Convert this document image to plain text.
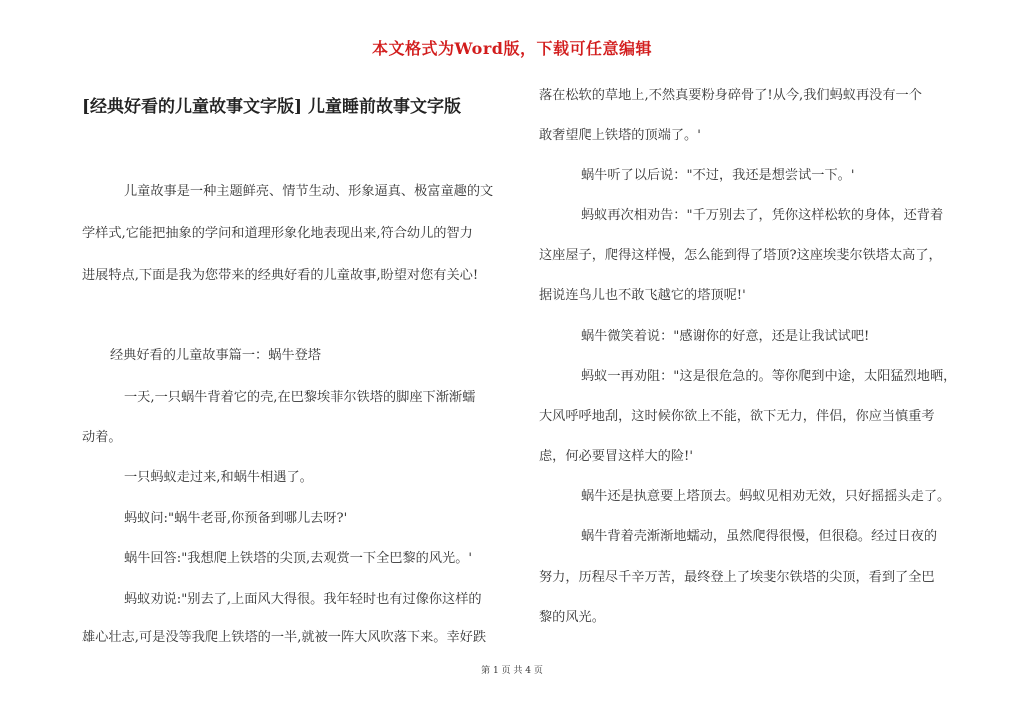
本文格式为Word版，下载可任意编辑
[经典好看的儿童故事文字版] 儿童睡前故事文字版
儿童故事是一种主题鲜亮、情节生动、形象逼真、极富童趣的文
学样式,它能把抽象的学问和道理形象化地表现出来,符合幼儿的智力
进展特点,下面是我为您带来的经典好看的儿童故事,盼望对您有关心!
经典好看的儿童故事篇一：蜗牛登塔
一天,一只蜗牛背着它的壳,在巴黎埃菲尔铁塔的脚座下渐渐蠕
动着。
一只蚂蚁走过来,和蜗牛相遇了。
蚂蚁问:"蜗牛老哥,你预备到哪儿去呀?'
蜗牛回答:"我想爬上铁塔的尖顶,去观赏一下全巴黎的风光。'
蚂蚁劝说:"别去了,上面风大得很。我年轻时也有过像你这样的
雄心壮志,可是没等我爬上铁塔的一半,就被一阵大风吹落下来。幸好跌
落在松软的草地上,不然真要粉身碎骨了!从今,我们蚂蚁再没有一个
敢奢望爬上铁塔的顶端了。'
蜗牛听了以后说："不过，我还是想尝试一下。'
蚂蚁再次相劝告："千万别去了，凭你这样松软的身体，还背着
这座屋子，爬得这样慢，怎么能到得了塔顶?这座埃斐尔铁塔太高了，
据说连鸟儿也不敢飞越它的塔顶呢!'
蜗牛微笑着说："感谢你的好意，还是让我试试吧!
蚂蚁一再劝阻："这是很危急的。等你爬到中途，太阳猛烈地晒，
大风呼呼地刮，这时候你欲上不能，欲下无力，伴侣，你应当慎重考
虑，何必要冒这样大的险!'
蜗牛还是执意要上塔顶去。蚂蚁见相劝无效，只好摇摇头走了。
蜗牛背着壳渐渐地蠕动，虽然爬得很慢，但很稳。经过日夜的
努力，历程尽千辛万苦，最终登上了埃斐尔铁塔的尖顶，看到了全巴
黎的风光。
第 1 页 共 4 页
